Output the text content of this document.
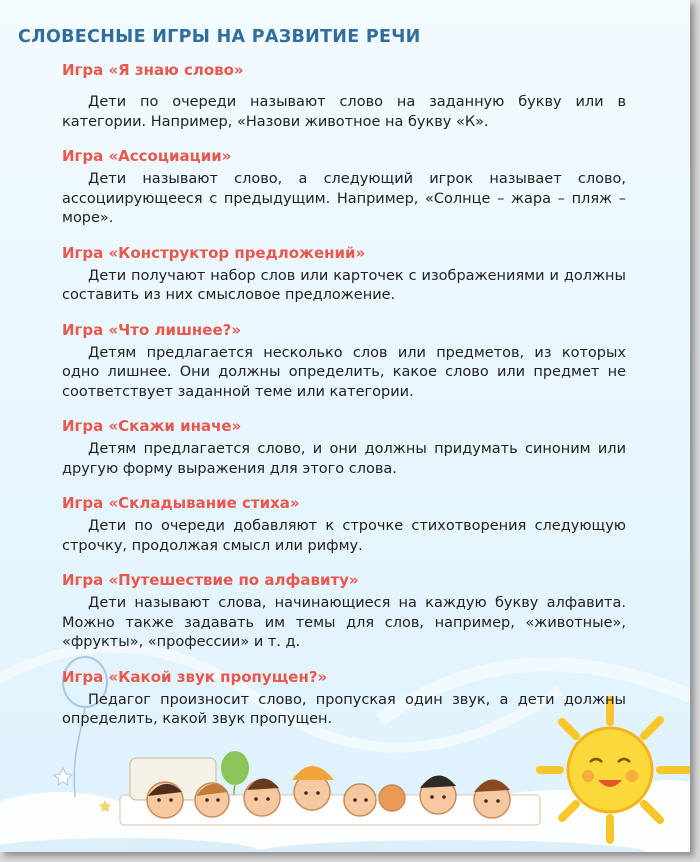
СЛОВЕСНЫЕ ИГРЫ НА РАЗВИТИЕ РЕЧИ
Игра «Я знаю слово»

Дети по очереди называют слово на заданную букву или в категории. Например, «Назови животное на букву «К».

Игра «Ассоциации»

Дети называют слово, а следующий игрок называет слово, ассоциирующееся с предыдущим. Например, «Солнце – жара – пляж – море».

Игра «Конструктор предложений»

Дети получают набор слов или карточек с изображениями и должны составить из них смысловое предложение.

Игра «Что лишнее?»

Детям предлагается несколько слов или предметов, из которых одно лишнее. Они должны определить, какое слово или предмет не соответствует заданной теме или категории.

Игра «Скажи иначе»

Детям предлагается слово, и они должны придумать синоним или другую форму выражения для этого слова.

Игра «Складывание стиха»

Дети по очереди добавляют к строчке стихотворения следующую строчку, продолжая смысл или рифму.

Игра «Путешествие по алфавиту»

Дети называют слова, начинающиеся на каждую букву алфавита. Можно также задавать им темы для слов, например, «животные», «фрукты», «профессии» и т. д.

Игра «Какой звук пропущен?»

Педагог произносит слово, пропуская один звук, а дети должны определить, какой звук пропущен.
